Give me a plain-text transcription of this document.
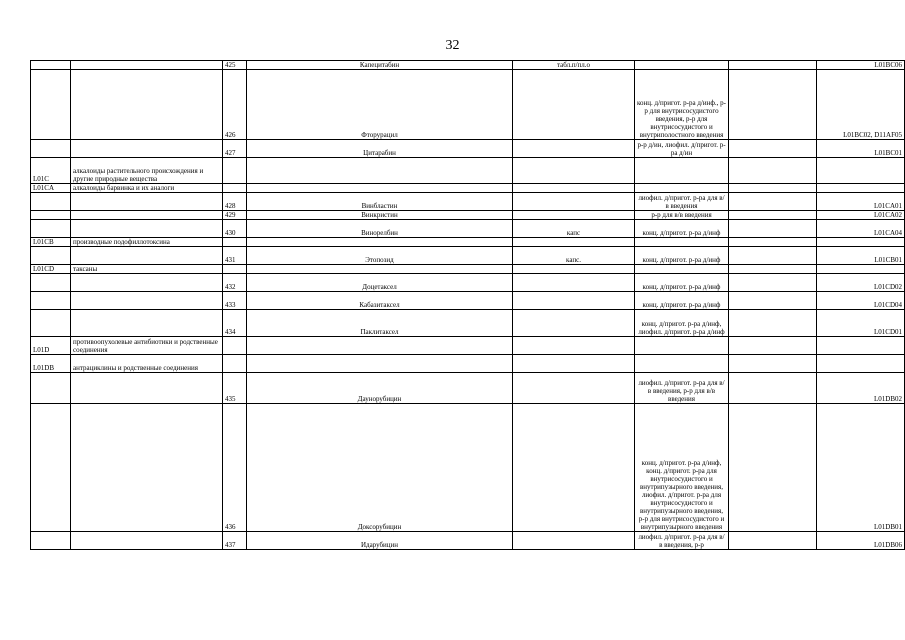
32
		425	Капецитабин	табл.п/пл.о			L01BC06
		426	Фторурацил		конц. д/пригот. р-ра д/инф., р-р для внутрисосудистого введения, р-р для внутрисосудистого и внутриполостного введения		L01BC02, D11AF05
		427	Цитарабин		р-р д/ин, лиофил. д/пригот. р-ра д/ин		L01BC01
L01C	алкалоиды растительного происхождения и другие природные вещества						
L01CA	алкалоиды барвинка и их аналоги						
		428	Винбластин		лиофил. д/пригот. р-ра для в/в введения		L01CA01
		429	Винкристин		р-р для в/в введения		L01CA02
		430	Винорелбин	капс	конц. д/пригот. р-ра д/инф		L01CA04
L01CB	производные подофиллотоксина						
		431	Этопозид	капс.	конц. д/пригот. р-ра д/инф		L01CB01
L01CD	таксаны						
		432	Доцетаксел		конц. д/пригот. р-ра д/инф		L01CD02
		433	Кабазитаксел		конц. д/пригот. р-ра д/инф		L01CD04
		434	Паклитаксел		конц. д/пригот. р-ра д/инф, лиофил. д/пригот. р-ра д/инф		L01CD01
L01D	противоопухолевые антибиотики и родственные соединения						
L01DB	антрациклины и родственные соединения						
		435	Даунорубицин		лиофил. д/пригот. р-ра для в/в введения, р-р для в/в введения		L01DB02
		436	Доксорубицин		конц. д/пригот. р-ра д/инф, конц. д/пригот. р-ра для внутрисосудистого и внутрипузырного введения, лиофил. д/пригот. р-ра для внутрисосудистого и внутрипузырного введения, р-р для внутрисосудистого и внутрипузырного введения		L01DB01
		437	Идарубицин		лиофил. д/пригот. р-ра для в/в введения, р-р		L01DB06
